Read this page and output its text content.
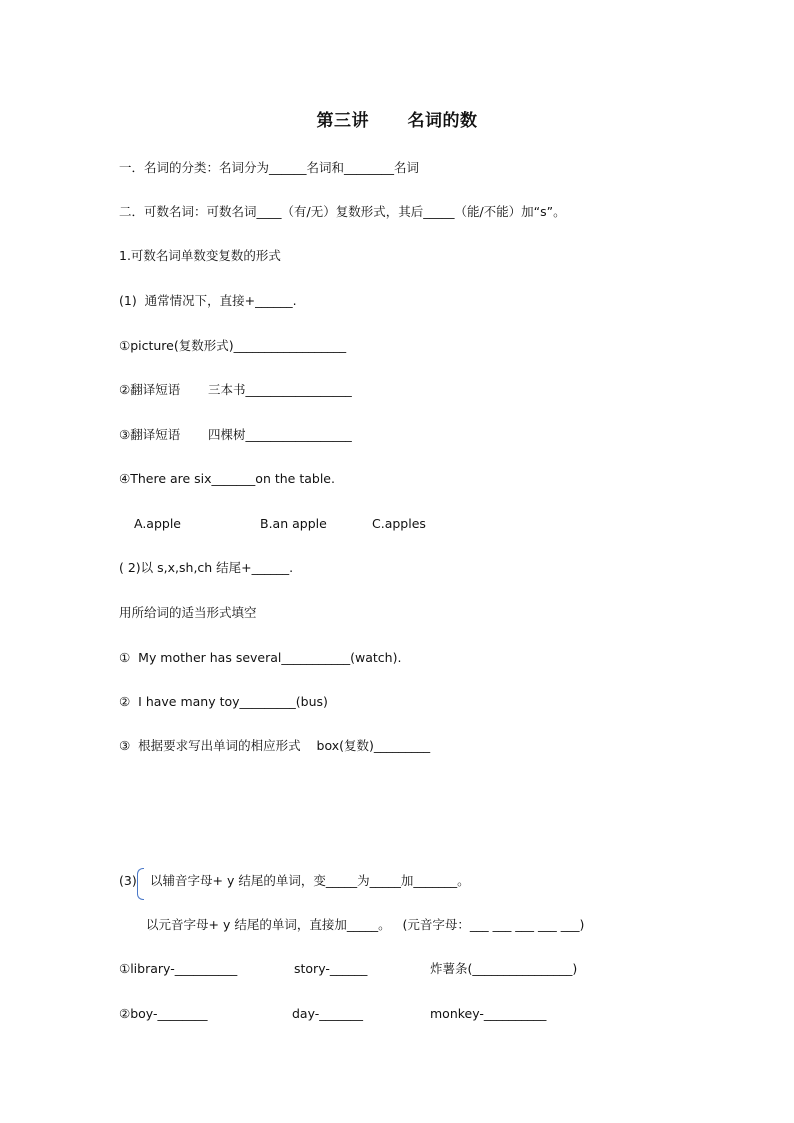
第三讲      名词的数
一．名词的分类：名词分为______名词和________名词
二．可数名词：可数名词____（有/无）复数形式，其后_____（能/不能）加“s”。
1.可数名词单数变复数的形式
(1)  通常情况下，直接+______.
①picture(复数形式)__________________
②翻译短语       三本书_________________
③翻译短语       四棵树_________________
④There are six_______on the table.
A.apple	B.an apple	C.apples
( 2)以 s,x,sh,ch 结尾+______.
用所给词的适当形式填空
①  My mother has several___________(watch).
②  I have many toy_________(bus)
③  根据要求写出单词的相应形式    box(复数)_________
(3) 以辅音字母+ y 结尾的单词，变_____为_____加_______。
以元音字母+ y 结尾的单词，直接加_____。   (元音字母：___ ___ ___ ___ ___)
①library-__________	story-______	炸薯条(________________)
②boy-________	day-_______	monkey-__________
